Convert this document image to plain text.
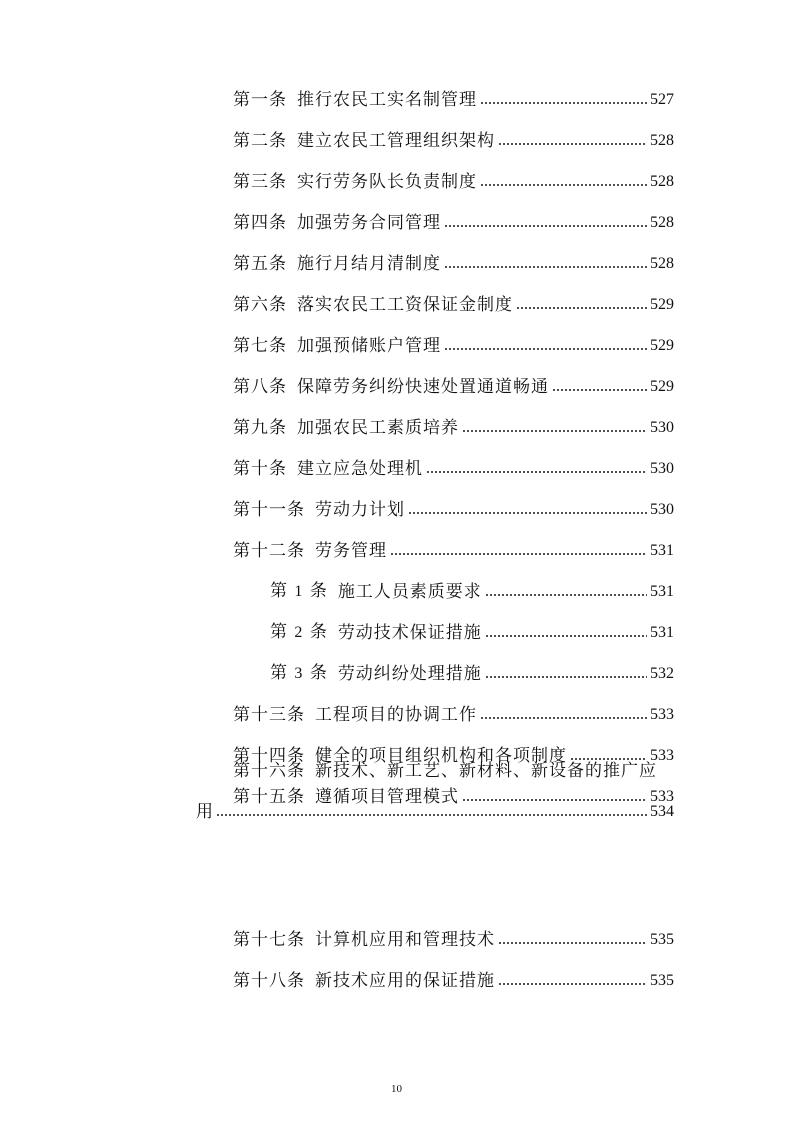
第一条 推行农民工实名制管理	527
第二条 建立农民工管理组织架构	528
第三条 实行劳务队长负责制度	528
第四条 加强劳务合同管理	528
第五条 施行月结月清制度	528
第六条 落实农民工工资保证金制度	529
第七条 加强预储账户管理	529
第八条 保障劳务纠纷快速处置通道畅通	529
第九条 加强农民工素质培养	530
第十条 建立应急处理机	530
第十一条 劳动力计划	530
第十二条 劳务管理	531
第 1 条 施工人员素质要求	531
第 2 条 劳动技术保证措施	531
第 3 条 劳动纠纷处理措施	532
第十三条 工程项目的协调工作	533
第十四条 健全的项目组织机构和各项制度	533
第十五条 遵循项目管理模式	533
第十六条 新技术、新工艺、新材料、新设备的推广应
用	534
第十七条 计算机应用和管理技术	535
第十八条 新技术应用的保证措施	535
10
